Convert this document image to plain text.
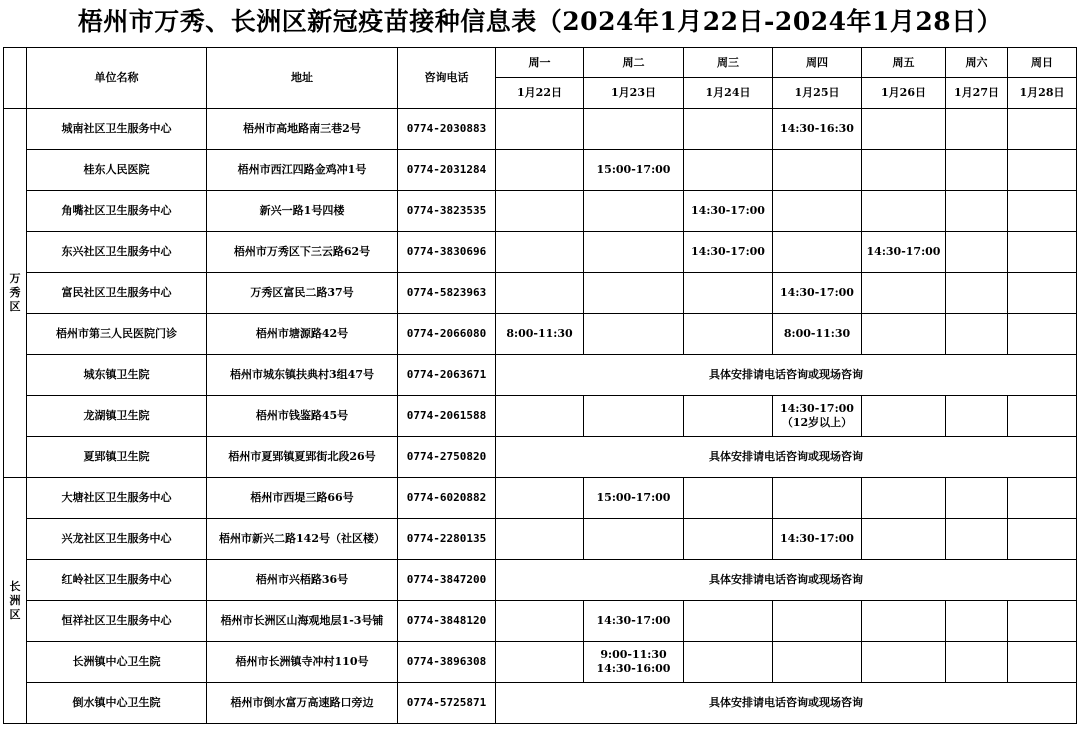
梧州市万秀、长洲区新冠疫苗接种信息表（2024年1月22日-2024年1月28日）
	单位名称	地址	咨询电话	周一	周二	周三	周四	周五	周六	周日
				1月22日	1月23日	1月24日	1月25日	1月26日	1月27日	1月28日

万
秀
区	城南社区卫生服务中心	梧州市高地路南三巷2号	0774-2030883				14:30-16:30			
	桂东人民医院	梧州市西江四路金鸡冲1号	0774-2031284		15:00-17:00					
	角嘴社区卫生服务中心	新兴一路1号四楼	0774-3823535			14:30-17:00				
	东兴社区卫生服务中心	梧州市万秀区下三云路62号	0774-3830696			14:30-17:00		14:30-17:00		
	富民社区卫生服务中心	万秀区富民二路37号	0774-5823963				14:30-17:00			
	梧州市第三人民医院门诊	梧州市塘源路42号	0774-2066080	8:00-11:30			8:00-11:30			
	城东镇卫生院	梧州市城东镇扶典村3组47号	0774-2063671	具体安排请电话咨询或现场咨询						
	龙湖镇卫生院	梧州市钱鉴路45号	0774-2061588				14:30-17:00
（12岁以上）			
	夏郢镇卫生院	梧州市夏郢镇夏郢街北段26号	0774-2750820	具体安排请电话咨询或现场咨询						

长
洲
区	大塘社区卫生服务中心	梧州市西堤三路66号	0774-6020882		15:00-17:00					
	兴龙社区卫生服务中心	梧州市新兴二路142号（社区楼）	0774-2280135				14:30-17:00			
	红岭社区卫生服务中心	梧州市兴梧路36号	0774-3847200	具体安排请电话咨询或现场咨询						
	恒祥社区卫生服务中心	梧州市长洲区山海观地层1-3号铺	0774-3848120		14:30-17:00					
	长洲镇中心卫生院	梧州市长洲镇寺冲村110号	0774-3896308		9:00-11:30
14:30-16:00					
	倒水镇中心卫生院	梧州市倒水富万高速路口旁边	0774-5725871	具体安排请电话咨询或现场咨询						
